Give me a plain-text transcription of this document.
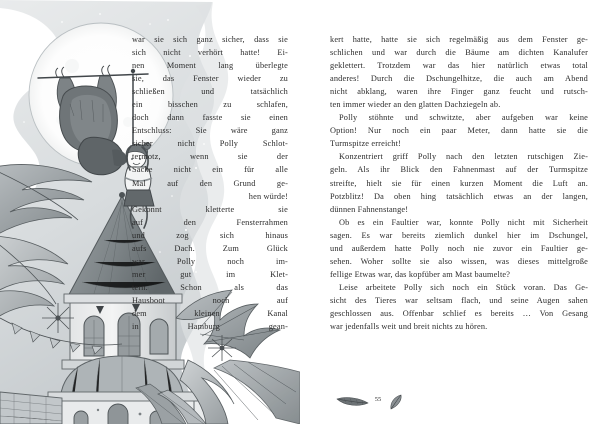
war sie sich ganz sicher, dass sie
sich nicht verhört hatte! Ei-
nen Moment lang überlegte
sie, das Fenster wieder zu
schließen und tatsächlich
ein bisschen zu schlafen,
doch dann fasste sie einen
Entschluss: Sie wäre ganz
sicher nicht Polly Schlot-
termotz, wenn sie der
Sache nicht ein für alle
Mal auf den Grund ge-
hen würde!

Gekonnt kletterte sie
auf den Fensterrahmen
und zog sich hinaus
aufs Dach. Zum Glück
war Polly noch im-
mer gut im Klet-
tern. Schon als das
Hausboot noch auf
dem kleinen Kanal
in Hamburg gean-

kert hatte, hatte sie sich regelmäßig aus dem Fenster ge-
schlichen und war durch die Bäume am dichten Kanalufer
geklettert. Trotzdem war das hier natürlich etwas total
anderes! Durch die Dschungelhitze, die auch am Abend
nicht abklang, waren ihre Finger ganz feucht und rutsch-
ten immer wieder an den glatten Dachziegeln ab.

Polly stöhnte und schwitzte, aber aufgeben war keine
Option! Nur noch ein paar Meter, dann hatte sie die
Turmspitze erreicht!

Konzentriert griff Polly nach den letzten rutschigen Zie-
geln. Als ihr Blick den Fahnenmast auf der Turmspitze
streifte, hielt sie für einen kurzen Moment die Luft an.
Potzblitz! Da oben hing tatsächlich etwas an der langen,
dünnen Fahnenstange!

Ob es ein Faultier war, konnte Polly nicht mit Sicherheit
sagen. Es war bereits ziemlich dunkel hier im Dschungel,
und außerdem hatte Polly noch nie zuvor ein Faultier ge-
sehen. Woher sollte sie also wissen, was dieses mittelgroße
fellige Etwas war, das kopfüber am Mast baumelte?

Leise arbeitete Polly sich noch ein Stück voran. Das Ge-
sicht des Tieres war seltsam flach, und seine Augen sahen
geschlossen aus. Offenbar schlief es bereits … Von Gesang
war jedenfalls weit und breit nichts zu hören.

55
